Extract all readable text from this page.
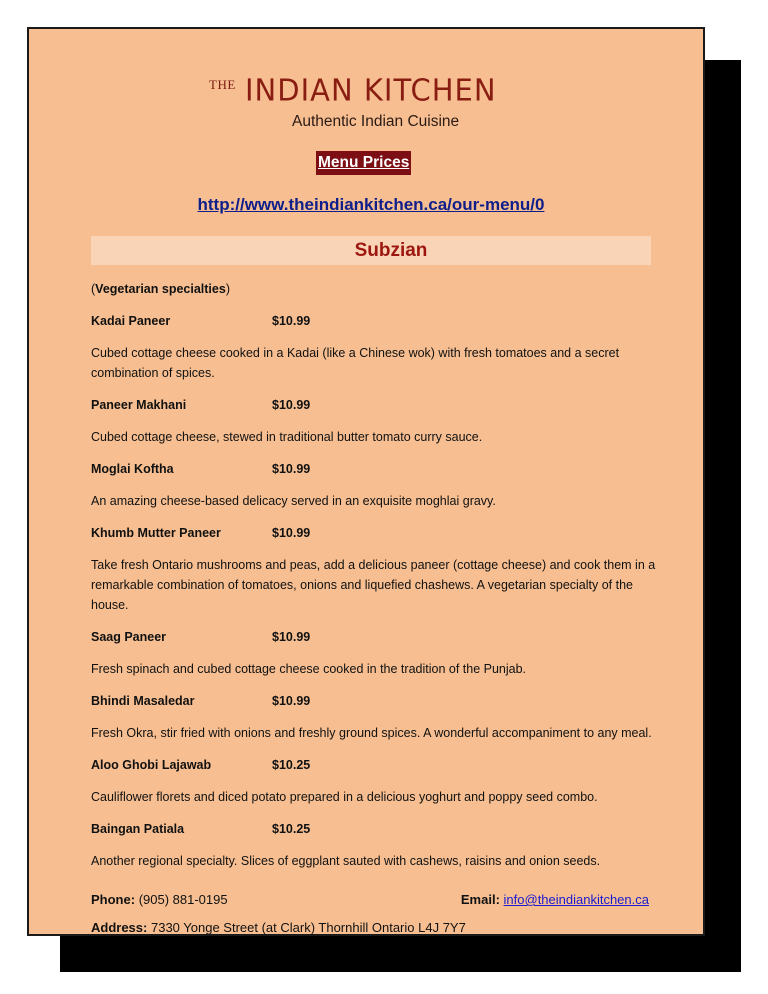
THE INDIAN KITCHEN
Authentic Indian Cuisine
Menu Prices
http://www.theindiankitchen.ca/our-menu/0
Subzian
(Vegetarian specialties)
Kadai Paneer	$10.99
Cubed cottage cheese cooked in a Kadai (like a Chinese wok) with fresh tomatoes and a secret combination of spices.
Paneer Makhani	$10.99
Cubed cottage cheese, stewed in traditional butter tomato curry sauce.
Moglai Koftha	$10.99
An amazing cheese-based delicacy served in an exquisite moghlai gravy.
Khumb Mutter Paneer	$10.99
Take fresh Ontario mushrooms and peas, add a delicious paneer (cottage cheese) and cook them in a remarkable combination of tomatoes, onions and liquefied chashews. A vegetarian specialty of the house.
Saag Paneer	$10.99
Fresh spinach and cubed cottage cheese cooked in the tradition of the Punjab.
Bhindi Masaledar	$10.99
Fresh Okra, stir fried with onions and freshly ground spices. A wonderful accompaniment to any meal.
Aloo Ghobi Lajawab	$10.25
Cauliflower florets and diced potato prepared in a delicious yoghurt and poppy seed combo.
Baingan Patiala	$10.25
Another regional specialty. Slices of eggplant sauted with cashews, raisins and onion seeds.
Phone: (905) 881-0195	Email: info@theindiankitchen.ca
Address: 7330 Yonge Street (at Clark) Thornhill Ontario L4J 7Y7
